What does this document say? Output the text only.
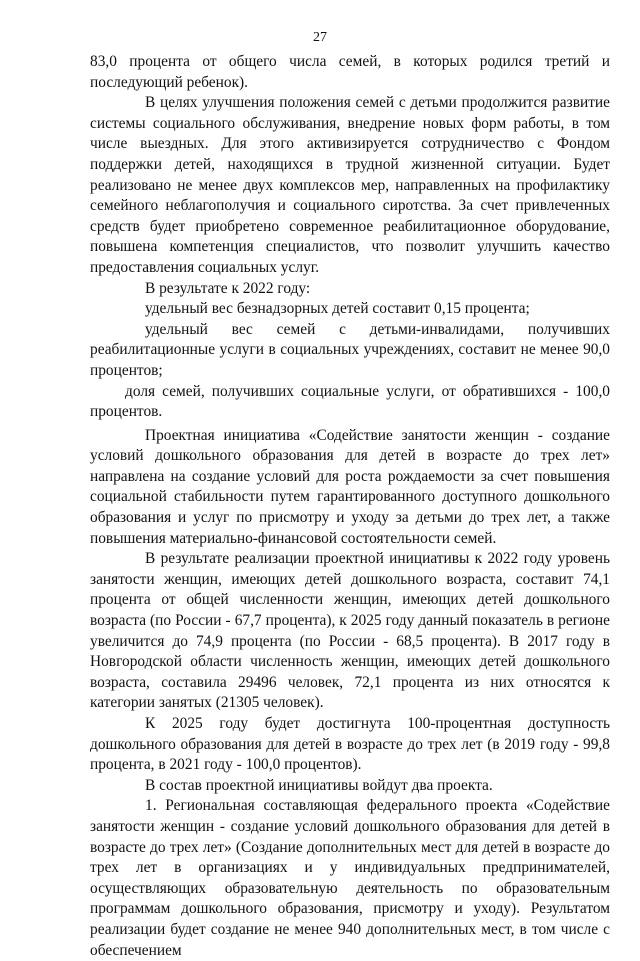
27

83,0 процента от общего числа семей, в которых родился третий и последующий ребенок).

В целях улучшения положения семей с детьми продолжится развитие системы социального обслуживания, внедрение новых форм работы, в том числе выездных. Для этого активизируется сотрудничество с Фондом поддержки детей, находящихся в трудной жизненной ситуации. Будет реализовано не менее двух комплексов мер, направленных на профилактику семейного неблагополучия и социального сиротства. За счет привлеченных средств будет приобретено современное реабилитационное оборудование, повышена компетенция специалистов, что позволит улучшить качество предоставления социальных услуг.

В результате к 2022 году:

удельный вес безнадзорных детей составит 0,15 процента;

удельный вес семей с детьми-инвалидами, получивших реабилитационные услуги в социальных учреждениях, составит не менее 90,0 процентов;

доля семей, получивших социальные услуги, от обратившихся - 100,0 процентов.

Проектная инициатива «Содействие занятости женщин - создание условий дошкольного образования для детей в возрасте до трех лет» направлена на создание условий для роста рождаемости за счет повышения социальной стабильности путем гарантированного доступного дошкольного образования и услуг по присмотру и уходу за детьми до трех лет, а также повышения материально-финансовой состоятельности семей.

В результате реализации проектной инициативы к 2022 году уровень занятости женщин, имеющих детей дошкольного возраста, составит 74,1 процента от общей численности женщин, имеющих детей дошкольного возраста (по России - 67,7 процента), к 2025 году данный показатель в регионе увеличится до 74,9 процента (по России - 68,5 процента). В 2017 году в Новгородской области численность женщин, имеющих детей дошкольного возраста, составила 29496 человек, 72,1 процента из них относятся к категории занятых (21305 человек).

К 2025 году будет достигнута 100-процентная доступность дошкольного образования для детей в возрасте до трех лет (в 2019 году - 99,8 процента, в 2021 году - 100,0 процентов).

В состав проектной инициативы войдут два проекта.

1. Региональная составляющая федерального проекта «Содействие занятости женщин - создание условий дошкольного образования для детей в возрасте до трех лет» (Создание дополнительных мест для детей в возрасте до трех лет в организациях и у индивидуальных предпринимателей, осуществляющих образовательную деятельность по образовательным программам дошкольного образования, присмотру и уходу). Результатом реализации будет создание не менее 940 дополнительных мест, в том числе с обеспечением
